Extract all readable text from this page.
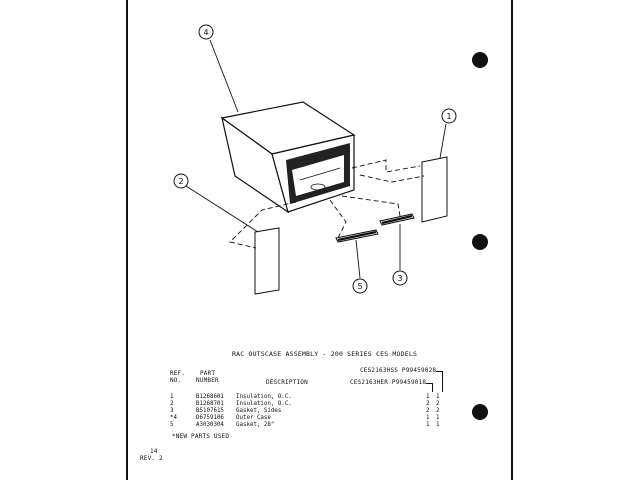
4
1
2
5
3
RAC OUTSCASE ASSEMBLY - 200 SERIES CES MODELS
REF.
NO.
PART
NUMBER	DESCRIPTION
CES2163HSS P99459028
CES2163HER P99459018
1	B1268601 Insulation, O.C.	1 1
2	B1268701 Insulation, O.C.	2 2
3	B5107615 Gasket, Sides	2 2
*4	D6759106 Outer Case	1 1
5	A3030304 Gasket, 28"	1 1
*NEW PARTS USED
14
REV. 2
